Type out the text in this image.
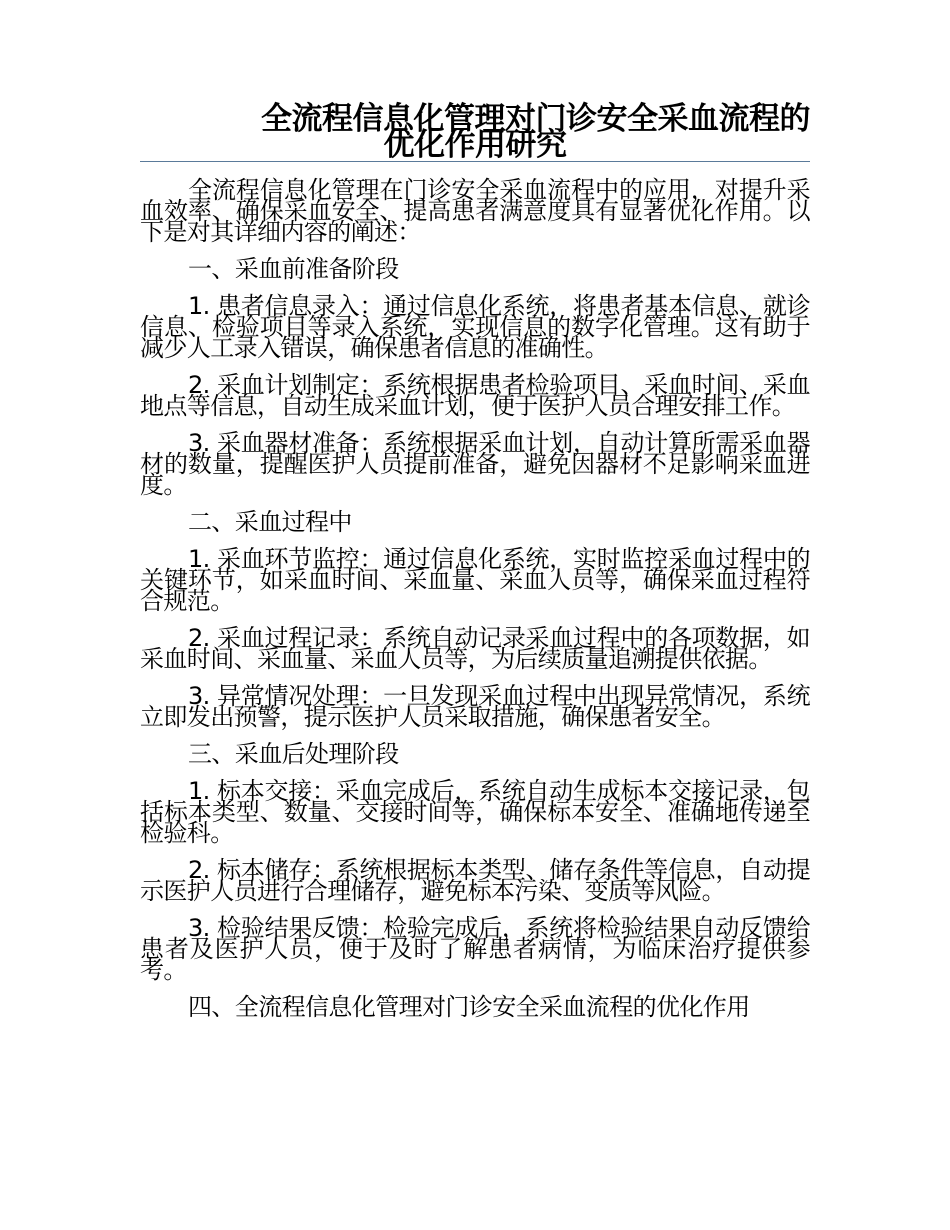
全流程信息化管理对门诊安全采血流程的
优化作用研究

全流程信息化管理在门诊安全采血流程中的应用，对提升采血效率、确保采血安全、提高患者满意度具有显著优化作用。以下是对其详细内容的阐述：

一、采血前准备阶段

1. 患者信息录入：通过信息化系统，将患者基本信息、就诊信息、检验项目等录入系统，实现信息的数字化管理。这有助于减少人工录入错误，确保患者信息的准确性。

2. 采血计划制定：系统根据患者检验项目、采血时间、采血地点等信息，自动生成采血计划，便于医护人员合理安排工作。

3. 采血器材准备：系统根据采血计划，自动计算所需采血器材的数量，提醒医护人员提前准备，避免因器材不足影响采血进度。

二、采血过程中

1. 采血环节监控：通过信息化系统，实时监控采血过程中的关键环节，如采血时间、采血量、采血人员等，确保采血过程符合规范。

2. 采血过程记录：系统自动记录采血过程中的各项数据，如采血时间、采血量、采血人员等，为后续质量追溯提供依据。

3. 异常情况处理：一旦发现采血过程中出现异常情况，系统立即发出预警，提示医护人员采取措施，确保患者安全。

三、采血后处理阶段

1. 标本交接：采血完成后，系统自动生成标本交接记录，包括标本类型、数量、交接时间等，确保标本安全、准确地传递至检验科。

2. 标本储存：系统根据标本类型、储存条件等信息，自动提示医护人员进行合理储存，避免标本污染、变质等风险。

3. 检验结果反馈：检验完成后，系统将检验结果自动反馈给患者及医护人员，便于及时了解患者病情，为临床治疗提供参考。

四、全流程信息化管理对门诊安全采血流程的优化作用
